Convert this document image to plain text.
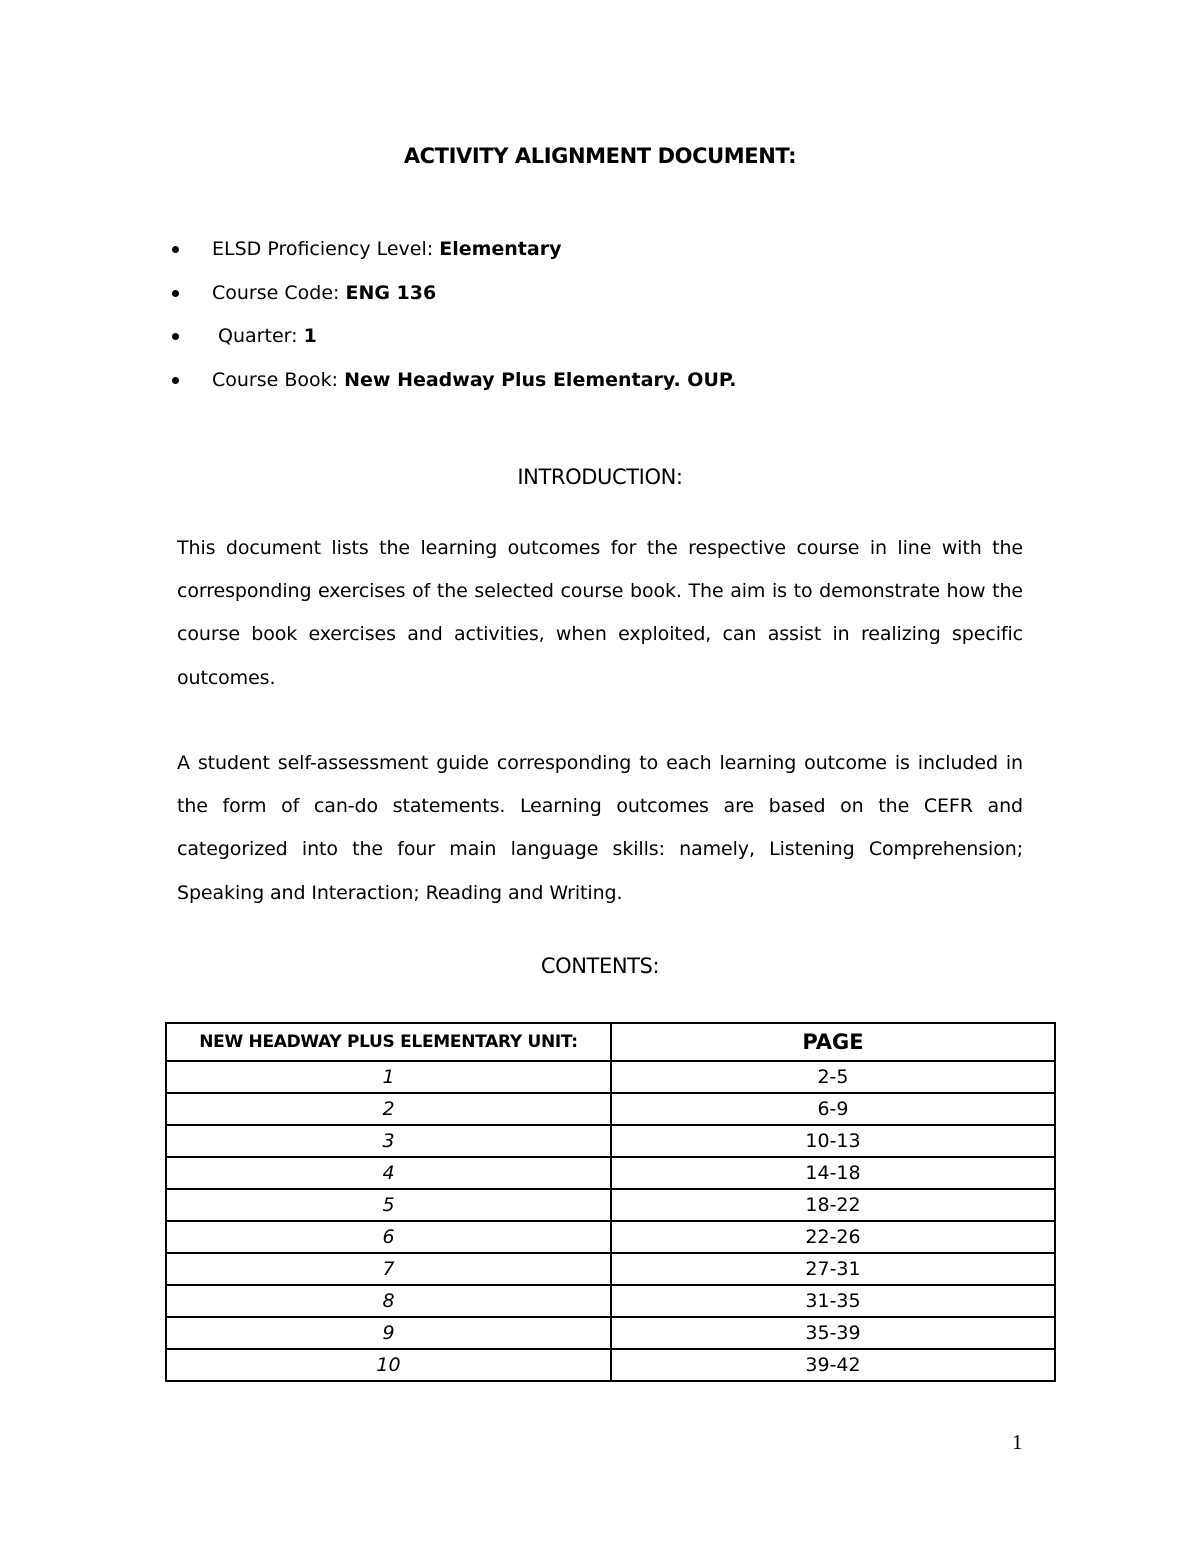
ACTIVITY ALIGNMENT DOCUMENT:
ELSD Proficiency Level: Elementary
Course Code: ENG 136
Quarter: 1
Course Book: New Headway Plus Elementary. OUP.
INTRODUCTION:

This document lists the learning outcomes for the respective course in line with the corresponding exercises of the selected course book. The aim is to demonstrate how the course book exercises and activities, when exploited, can assist in realizing specific outcomes.

A student self-assessment guide corresponding to each learning outcome is included in the form of can-do statements. Learning outcomes are based on the CEFR and categorized into the four main language skills: namely, Listening Comprehension; Speaking and Interaction; Reading and Writing.

CONTENTS:
NEW HEADWAY PLUS ELEMENTARY UNIT:	PAGE
1	2-5
2	6-9
3	10-13
4	14-18
5	18-22
6	22-26
7	27-31
8	31-35
9	35-39
10	39-42
1
